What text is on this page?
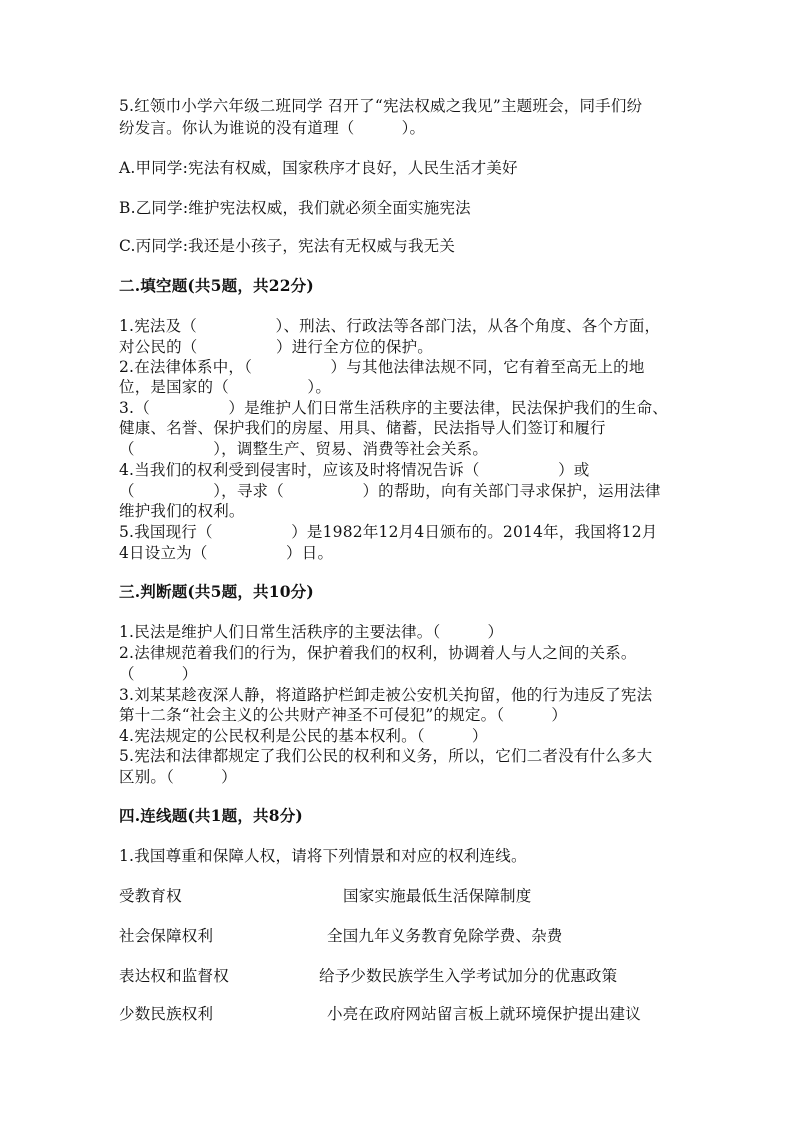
5.红领巾小学六年级二班同学 召开了“宪法权威之我见”主题班会，同手们纷
纷发言。你认为谁说的没有道理（　　　）。
A.甲同学:宪法有权威，国家秩序才良好，人民生活才美好
B.乙同学:维护宪法权威，我们就必须全面实施宪法
C.丙同学:我还是小孩子，宪法有无权威与我无关
二.填空题(共5题，共22分)
1.宪法及（　　　　　）、刑法、行政法等各部门法，从各个角度、各个方面，
对公民的（　　　　　）进行全方位的保护。
2.在法律体系中，（　　　　　）与其他法律法规不同，它有着至高无上的地
位，是国家的（　　　　　）。
3.（　　　　　）是维护人们日常生活秩序的主要法律，民法保护我们的生命、
健康、名誉、保护我们的房屋、用具、储蓄，民法指导人们签订和履行
（　　　　　），调整生产、贸易、消费等社会关系。
4.当我们的权利受到侵害时，应该及时将情况告诉（　　　　　）或
（　　　　　），寻求（　　　　　）的帮助，向有关部门寻求保护，运用法律
维护我们的权利。
5.我国现行（　　　　　）是1982年12月4日颁布的。2014年，我国将12月
4日设立为（　　　　　）日。
三.判断题(共5题，共10分)
1.民法是维护人们日常生活秩序的主要法律。（　　　）
2.法律规范着我们的行为，保护着我们的权利，协调着人与人之间的关系。
（　　　）
3.刘某某趁夜深人静，将道路护栏卸走被公安机关拘留，他的行为违反了宪法
第十二条“社会主义的公共财产神圣不可侵犯”的规定。（　　　）
4.宪法规定的公民权利是公民的基本权利。（　　　）
5.宪法和法律都规定了我们公民的权利和义务，所以，它们二者没有什么多大
区别。（　　　）
四.连线题(共1题，共8分)
1.我国尊重和保障人权，请将下列情景和对应的权利连线。
受教育权	国家实施最低生活保障制度
社会保障权利	全国九年义务教育免除学费、杂费
表达权和监督权	给予少数民族学生入学考试加分的优惠政策
少数民族权利	小亮在政府网站留言板上就环境保护提出建议
